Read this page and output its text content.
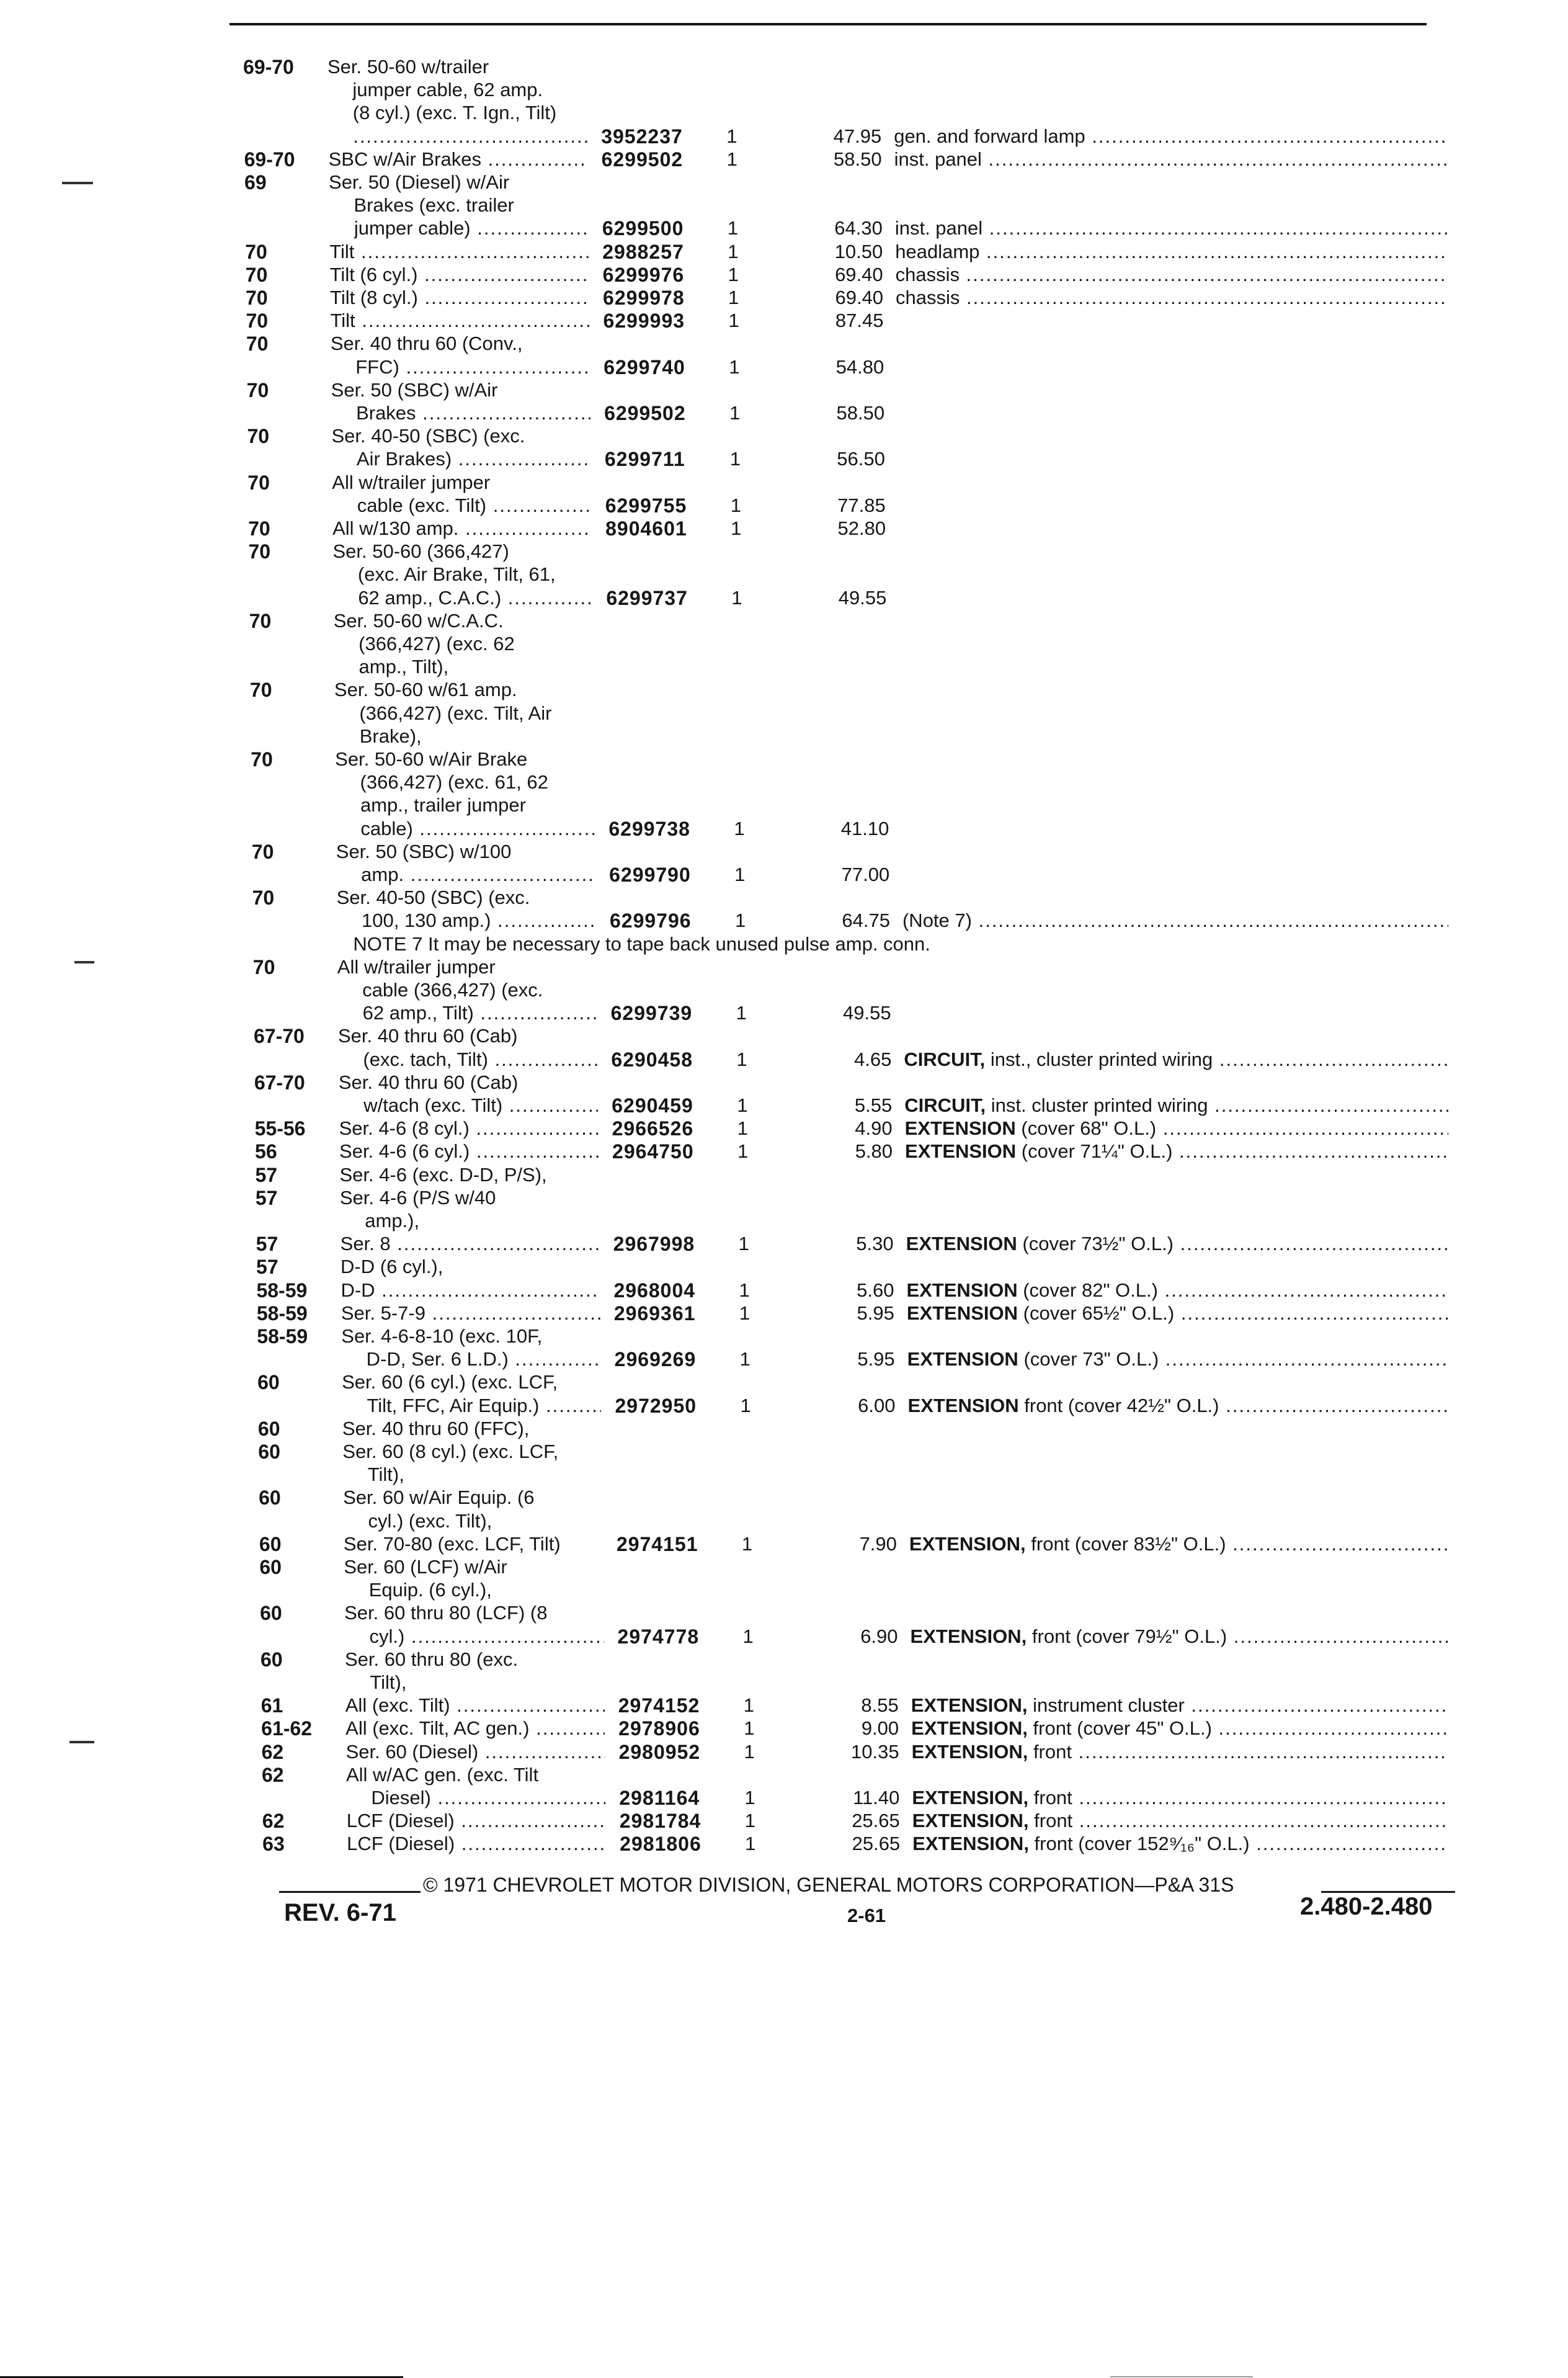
69-70 Ser. 50-60 w/trailer
jumper cable, 62 amp.
(8 cyl.) (exc. T. Ign., Tilt)
.....
3952237 1	47.95 gen. and forward lamp .....
69-70 SBC w/Air Brakes .....	6299502 1	58.50 inst. panel .....
69	Ser. 50 (Diesel) w/Air
Brakes (exc. trailer
jumper cable) .....	6299500 1	64.30 inst. panel .....
70	Tilt .....	2988257 1	10.50 headlamp .....
70	Tilt (6 cyl.) .....	6299976 1	69.40 chassis .....
70	Tilt (8 cyl.) .....	6299978 1	69.40 chassis .....
70	Tilt .....	6299993 1	87.45
70	Ser. 40 thru 60 (Conv.,
FFC) .....	6299740 1	54.80
70	Ser. 50 (SBC) w/Air
Brakes .....	6299502 1	58.50
70	Ser. 40-50 (SBC) (exc.
Air Brakes) .....	6299711 1	56.50
70	All w/trailer jumper
cable (exc. Tilt) .....	6299755 1	77.85
70	All w/130 amp. .....	8904601 1	52.80
70	Ser. 50-60 (366,427)
(exc. Air Brake, Tilt, 61,
62 amp., C.A.C.) .....	6299737 1	49.55
70	Ser. 50-60 w/C.A.C.
(366,427) (exc. 62
amp., Tilt),
70	Ser. 50-60 w/61 amp.
(366,427) (exc. Tilt, Air
Brake),
70	Ser. 50-60 w/Air Brake
(366,427) (exc. 61, 62
amp., trailer jumper
cable) .....	6299738 1	41.10
70	Ser. 50 (SBC) w/100
amp. .....	6299790 1	77.00
70	Ser. 40-50 (SBC) (exc.
100, 130 amp.) .....	6299796 1	64.75 (Note 7) .....
NOTE 7 It may be necessary to tape back unused pulse amp. conn.
70	All w/trailer jumper
cable (366,427) (exc.
62 amp., Tilt) .....	6299739 1	49.55
67-70 Ser. 40 thru 60 (Cab)
(exc. tach, Tilt) .....	6290458 1	4.65 CIRCUIT, inst., cluster printed wiring .....
67-70 Ser. 40 thru 60 (Cab)
w/tach (exc. Tilt) .....	6290459 1	5.55 CIRCUIT, inst. cluster printed wiring .....
55-56 Ser. 4-6 (8 cyl.) .....	2966526 1	4.90 EXTENSION (cover 68" O.L.) .....
56	Ser. 4-6 (6 cyl.) .....	2964750 1	5.80 EXTENSION (cover 71¼" O.L.) .....
57	Ser. 4-6 (exc. D-D, P/S),
57	Ser. 4-6 (P/S w/40
amp.),
57	Ser. 8 .....	2967998 1	5.30 EXTENSION (cover 73½" O.L.) .....
57	D-D (6 cyl.),
58-59 D-D .....	2968004 1	5.60 EXTENSION (cover 82" O.L.) .....
58-59 Ser. 5-7-9 .....	2969361 1	5.95 EXTENSION (cover 65½" O.L.) .....
58-59 Ser. 4-6-8-10 (exc. 10F,
D-D, Ser. 6 L.D.) .....	2969269 1	5.95 EXTENSION (cover 73" O.L.) .....
60	Ser. 60 (6 cyl.) (exc. LCF,
Tilt, FFC, Air Equip.) .....	2972950 1	6.00 EXTENSION front (cover 42½" O.L.) .....
60	Ser. 40 thru 60 (FFC),
60	Ser. 60 (8 cyl.) (exc. LCF,
Tilt),
60	Ser. 60 w/Air Equip. (6
cyl.) (exc. Tilt),
60	Ser. 70-80 (exc. LCF, Tilt)	2974151 1	7.90 EXTENSION, front (cover 83½" O.L.) .....
60	Ser. 60 (LCF) w/Air
Equip. (6 cyl.),
60	Ser. 60 thru 80 (LCF) (8
cyl.) .....	2974778 1	6.90 EXTENSION, front (cover 79½" O.L.) .....
60	Ser. 60 thru 80 (exc.
Tilt),
61	All (exc. Tilt) .....	2974152 1	8.55 EXTENSION, instrument cluster .....
61-62 All (exc. Tilt, AC gen.) .....	2978906 1	9.00 EXTENSION, front (cover 45" O.L.) .....
62	Ser. 60 (Diesel) .....	2980952 1	10.35 EXTENSION, front .....
62	All w/AC gen. (exc. Tilt
Diesel) .....	2981164 1	11.40 EXTENSION, front .....
62	LCF (Diesel) .....	2981784 1	25.65 EXTENSION, front .....
63	LCF (Diesel) .....	2981806 1	25.65 EXTENSION, front (cover 152⁹⁄₁₆" O.L.) .....
© 1971 CHEVROLET MOTOR DIVISION, GENERAL MOTORS CORPORATION—P&A 31S
REV. 6-71	2-61	2.480-2.480
